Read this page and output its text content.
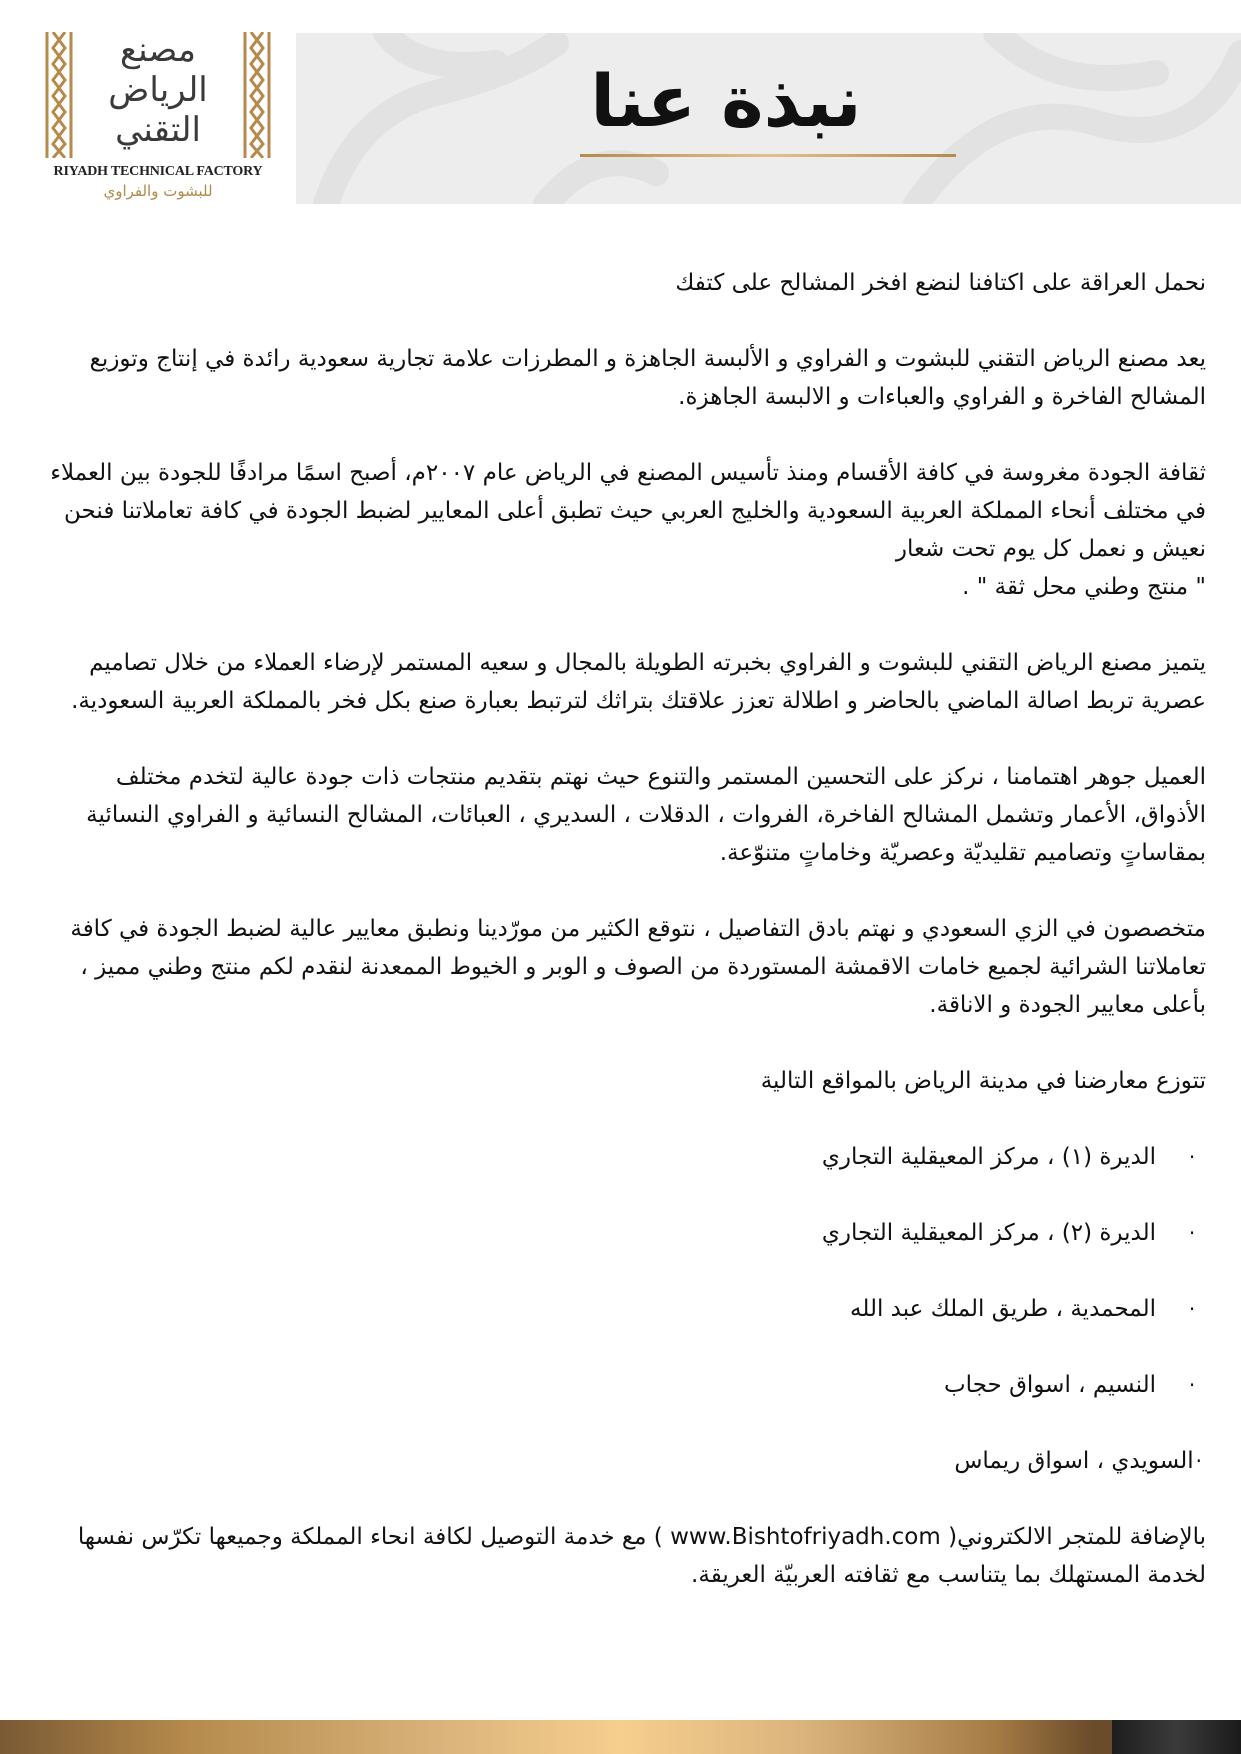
نبذة عنا
مصنع
الرياض
التقني
RIYADH TECHNICAL FACTORY
للبشوت والفراوي

نحمل العراقة على اكتافنا لنضع افخر المشالح على كتفك

يعد مصنع الرياض التقني للبشوت و الفراوي و الألبسة الجاهزة و المطرزات علامة تجارية سعودية رائدة في إنتاج وتوزيع المشالح الفاخرة و الفراوي والعباءات و الالبسة الجاهزة.

ثقافة الجودة مغروسة في كافة الأقسام ومنذ تأسيس المصنع في الرياض عام ٢٠٠٧م، أصبح اسمًا مرادفًا للجودة بين العملاء في مختلف أنحاء المملكة العربية السعودية والخليج العربي حيث تطبق أعلى المعايير لضبط الجودة في كافة تعاملاتنا فنحن نعيش و نعمل كل يوم تحت شعار
" منتج وطني محل ثقة " .

يتميز مصنع الرياض التقني للبشوت و الفراوي بخبرته الطويلة بالمجال و سعيه المستمر لإرضاء العملاء من خلال تصاميم عصرية تربط اصالة الماضي بالحاضر و اطلالة تعزز علاقتك بتراثك لترتبط بعبارة صنع بكل فخر بالمملكة العربية السعودية.

العميل جوهر اهتمامنا ، نركز على التحسين المستمر والتنوع حيث نهتم بتقديم منتجات ذات جودة عالية لتخدم مختلف الأذواق، الأعمار وتشمل المشالح الفاخرة، الفروات ، الدقلات ، السديري ، العبائات، المشالح النسائية و الفراوي النسائية بمقاساتٍ وتصاميم تقليديّة وعصريّة وخاماتٍ متنوّعة.

متخصصون في الزي السعودي و نهتم بادق التفاصيل ، نتوقع الكثير من مورّدينا ونطبق معايير عالية لضبط الجودة في كافة تعاملاتنا الشرائية لجميع خامات الاقمشة المستوردة من الصوف و الوبر و الخيوط الممعدنة لنقدم لكم منتج وطني مميز ، بأعلى معايير الجودة و الاناقة.

تتوزع معارضنا في مدينة الرياض بالمواقع التالية

·
الديرة (١) ، مركز المعيقلية التجاري
·
الديرة (٢) ، مركز المعيقلية التجاري
·
المحمدية ، طريق الملك عبد الله
·
النسيم ، اسواق حجاب
·السويدي ، اسواق ريماس

بالإضافة للمتجر الالكتروني( www.Bishtofriyadh.com ) مع خدمة التوصيل لكافة انحاء المملكة وجميعها تكرّس نفسها لخدمة المستهلك بما يتناسب مع ثقافته العربيّة العريقة.
